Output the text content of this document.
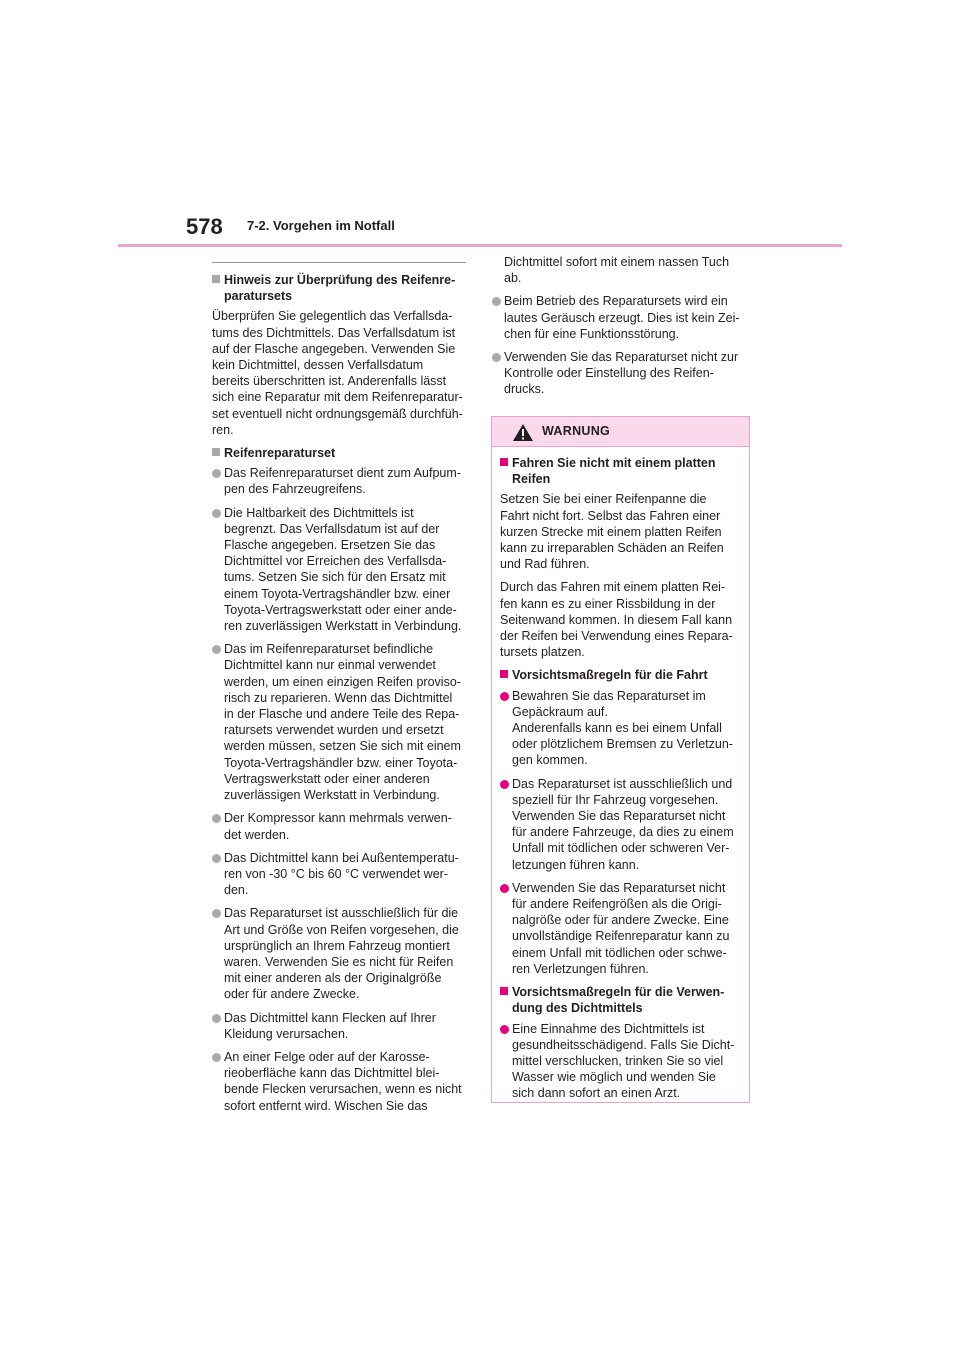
578 7-2. Vorgehen im Notfall
Hinweis zur Überprüfung des Reifenre-
paratursets
Überprüfen Sie gelegentlich das Verfallsda-
tums des Dichtmittels. Das Verfallsdatum ist
auf der Flasche angegeben. Verwenden Sie
kein Dichtmittel, dessen Verfallsdatum
bereits überschritten ist. Anderenfalls lässt
sich eine Reparatur mit dem Reifenreparatur-
set eventuell nicht ordnungsgemäß durchfüh-
ren.
Reifenreparaturset
Das Reifenreparaturset dient zum Aufpum-
pen des Fahrzeugreifens.
Die Haltbarkeit des Dichtmittels ist
begrenzt. Das Verfallsdatum ist auf der
Flasche angegeben. Ersetzen Sie das
Dichtmittel vor Erreichen des Verfallsda-
tums. Setzen Sie sich für den Ersatz mit
einem Toyota-Vertragshändler bzw. einer
Toyota-Vertragswerkstatt oder einer ande-
ren zuverlässigen Werkstatt in Verbindung.
Das im Reifenreparaturset befindliche
Dichtmittel kann nur einmal verwendet
werden, um einen einzigen Reifen proviso-
risch zu reparieren. Wenn das Dichtmittel
in der Flasche und andere Teile des Repa-
ratursets verwendet wurden und ersetzt
werden müssen, setzen Sie sich mit einem
Toyota-Vertragshändler bzw. einer Toyota-
Vertragswerkstatt oder einer anderen
zuverlässigen Werkstatt in Verbindung.
Der Kompressor kann mehrmals verwen-
det werden.
Das Dichtmittel kann bei Außentemperatu-
ren von -30 °C bis 60 °C verwendet wer-
den.
Das Reparaturset ist ausschließlich für die
Art und Größe von Reifen vorgesehen, die
ursprünglich an Ihrem Fahrzeug montiert
waren. Verwenden Sie es nicht für Reifen
mit einer anderen als der Originalgröße
oder für andere Zwecke.
Das Dichtmittel kann Flecken auf Ihrer
Kleidung verursachen.
An einer Felge oder auf der Karosse-
rieoberfläche kann das Dichtmittel blei-
bende Flecken verursachen, wenn es nicht
sofort entfernt wird. Wischen Sie das
Dichtmittel sofort mit einem nassen Tuch
ab.
Beim Betrieb des Reparatursets wird ein
lautes Geräusch erzeugt. Dies ist kein Zei-
chen für eine Funktionsstörung.
Verwenden Sie das Reparaturset nicht zur
Kontrolle oder Einstellung des Reifen-
drucks.
WARNUNG
Fahren Sie nicht mit einem platten
Reifen
Setzen Sie bei einer Reifenpanne die
Fahrt nicht fort. Selbst das Fahren einer
kurzen Strecke mit einem platten Reifen
kann zu irreparablen Schäden an Reifen
und Rad führen.
Durch das Fahren mit einem platten Rei-
fen kann es zu einer Rissbildung in der
Seitenwand kommen. In diesem Fall kann
der Reifen bei Verwendung eines Repara-
tursets platzen.
Vorsichtsmaßregeln für die Fahrt
Bewahren Sie das Reparaturset im
Gepäckraum auf.
Anderenfalls kann es bei einem Unfall
oder plötzlichem Bremsen zu Verletzun-
gen kommen.
Das Reparaturset ist ausschließlich und
speziell für Ihr Fahrzeug vorgesehen.
Verwenden Sie das Reparaturset nicht
für andere Fahrzeuge, da dies zu einem
Unfall mit tödlichen oder schweren Ver-
letzungen führen kann.
Verwenden Sie das Reparaturset nicht
für andere Reifengrößen als die Origi-
nalgröße oder für andere Zwecke. Eine
unvollständige Reifenreparatur kann zu
einem Unfall mit tödlichen oder schwe-
ren Verletzungen führen.
Vorsichtsmaßregeln für die Verwen-
dung des Dichtmittels
Eine Einnahme des Dichtmittels ist
gesundheitsschädigend. Falls Sie Dicht-
mittel verschlucken, trinken Sie so viel
Wasser wie möglich und wenden Sie
sich dann sofort an einen Arzt.
